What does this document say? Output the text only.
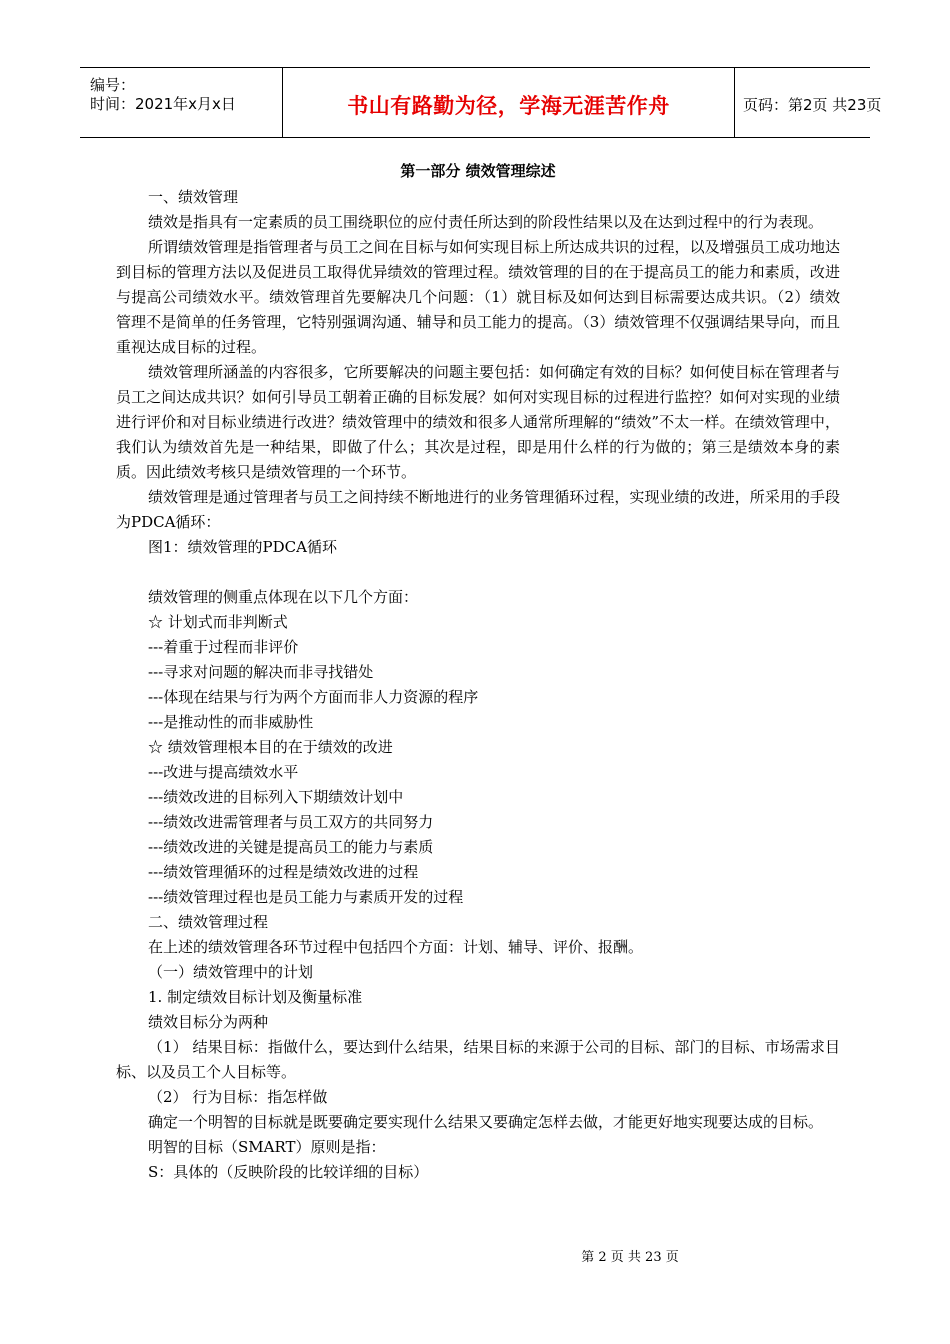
编号：
时间：2021年x月x日	书山有路勤为径，学海无涯苦作舟	页码：第2页 共23页
第一部分 绩效管理综述

一、绩效管理

绩效是指具有一定素质的员工围绕职位的应付责任所达到的阶段性结果以及在达到过程中的行为表现。

所谓绩效管理是指管理者与员工之间在目标与如何实现目标上所达成共识的过程，以及增强员工成功地达到目标的管理方法以及促进员工取得优异绩效的管理过程。绩效管理的目的在于提高员工的能力和素质，改进与提高公司绩效水平。绩效管理首先要解决几个问题：（1）就目标及如何达到目标需要达成共识。（2）绩效管理不是简单的任务管理，它特别强调沟通、辅导和员工能力的提高。（3）绩效管理不仅强调结果导向，而且重视达成目标的过程。

绩效管理所涵盖的内容很多，它所要解决的问题主要包括：如何确定有效的目标？如何使目标在管理者与员工之间达成共识？如何引导员工朝着正确的目标发展？如何对实现目标的过程进行监控？如何对实现的业绩进行评价和对目标业绩进行改进？绩效管理中的绩效和很多人通常所理解的“绩效”不太一样。在绩效管理中，我们认为绩效首先是一种结果，即做了什么；其次是过程，即是用什么样的行为做的；第三是绩效本身的素质。因此绩效考核只是绩效管理的一个环节。

绩效管理是通过管理者与员工之间持续不断地进行的业务管理循环过程，实现业绩的改进，所采用的手段为PDCA循环：

图1：绩效管理的PDCA循环

绩效管理的侧重点体现在以下几个方面：

☆ 计划式而非判断式

---着重于过程而非评价

---寻求对问题的解决而非寻找错处

---体现在结果与行为两个方面而非人力资源的程序

---是推动性的而非威胁性

☆ 绩效管理根本目的在于绩效的改进

---改进与提高绩效水平

---绩效改进的目标列入下期绩效计划中

---绩效改进需管理者与员工双方的共同努力

---绩效改进的关键是提高员工的能力与素质

---绩效管理循环的过程是绩效改进的过程

---绩效管理过程也是员工能力与素质开发的过程

二、绩效管理过程

在上述的绩效管理各环节过程中包括四个方面：计划、辅导、评价、报酬。

（一）绩效管理中的计划

1. 制定绩效目标计划及衡量标准

绩效目标分为两种

（1） 结果目标：指做什么，要达到什么结果，结果目标的来源于公司的目标、部门的目标、市场需求目标、以及员工个人目标等。

（2） 行为目标：指怎样做

确定一个明智的目标就是既要确定要实现什么结果又要确定怎样去做，才能更好地实现要达成的目标。

明智的目标（SMART）原则是指：

S：具体的（反映阶段的比较详细的目标）

第 2 页 共 23 页
